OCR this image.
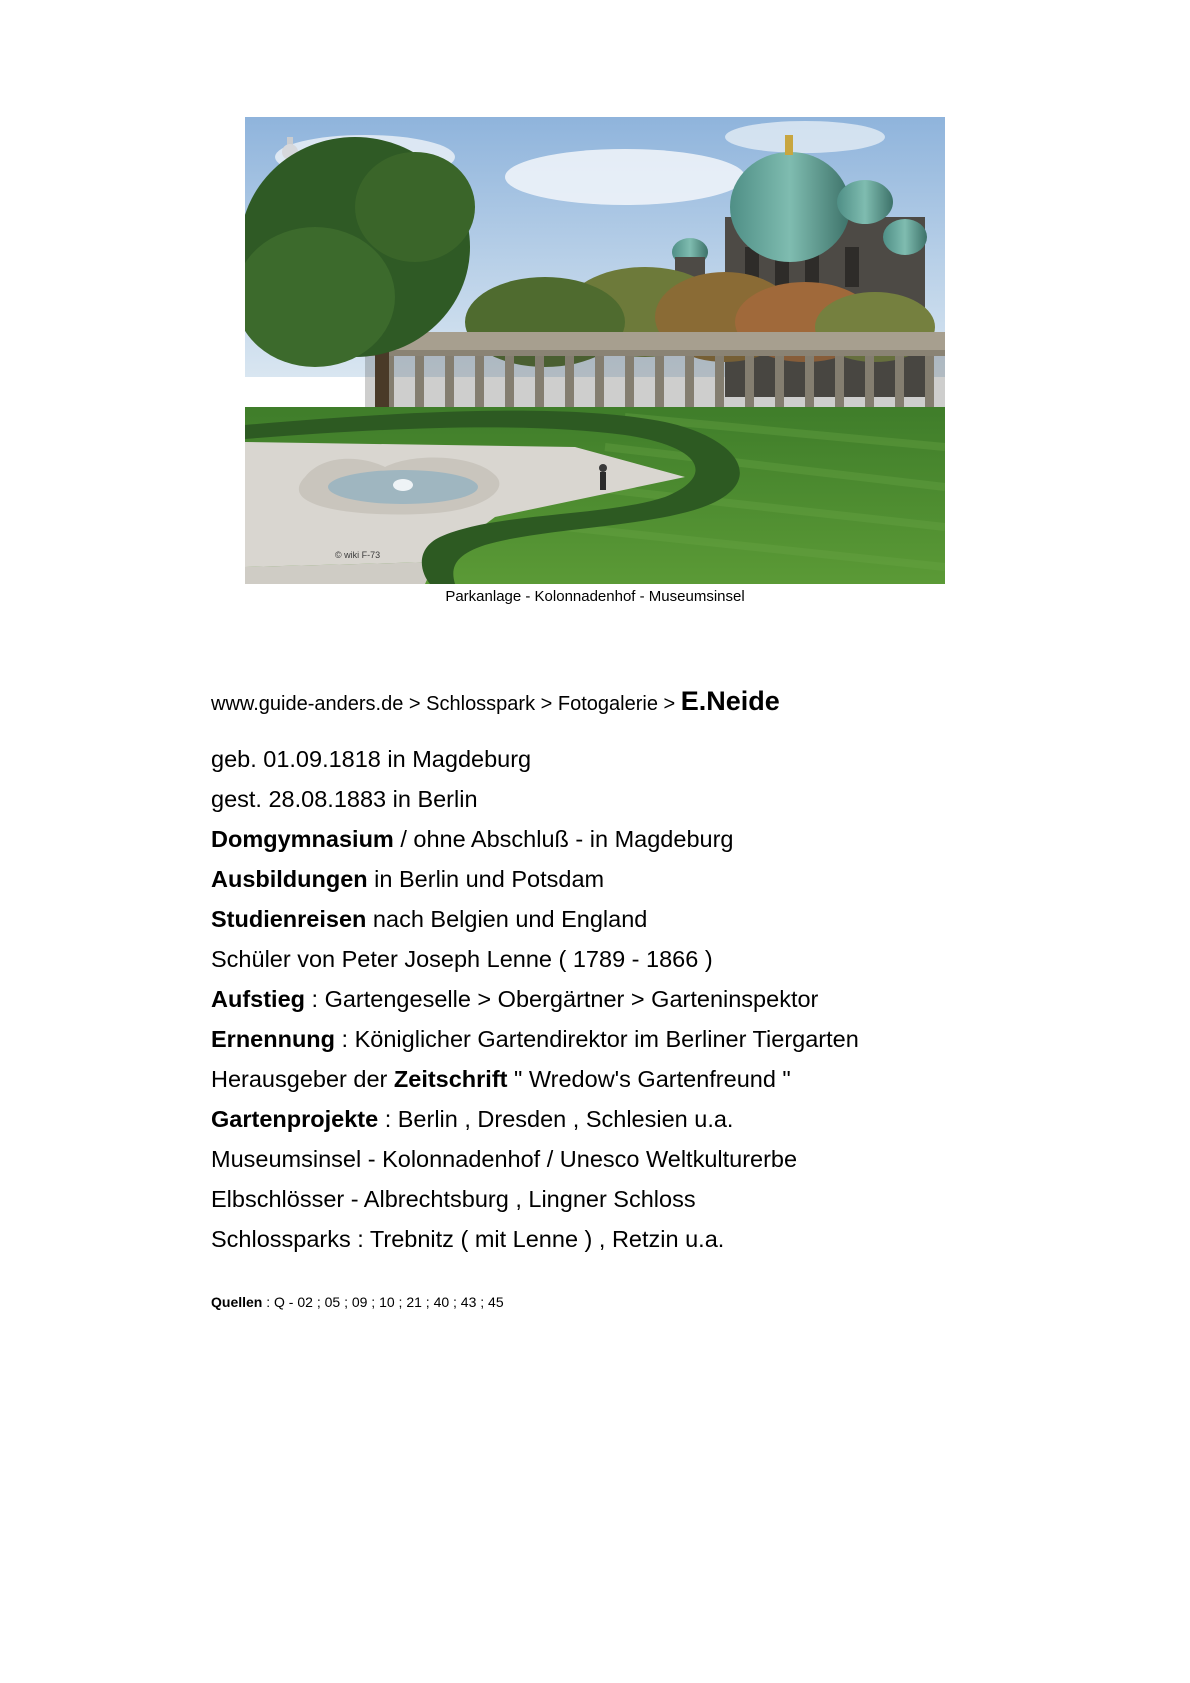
© wiki F-73
Parkanlage - Kolonnadenhof - Museumsinsel
www.guide-anders.de > Schlosspark > Fotogalerie > E.Neide
geb. 01.09.1818 in Magdeburg
gest. 28.08.1883 in Berlin
Domgymnasium / ohne Abschluß - in Magdeburg
Ausbildungen in Berlin und Potsdam
Studienreisen nach Belgien und England
Schüler von Peter Joseph Lenne ( 1789 - 1866 )
Aufstieg : Gartengeselle > Obergärtner > Garteninspektor
Ernennung : Königlicher Gartendirektor im Berliner Tiergarten
Herausgeber der Zeitschrift " Wredow's Gartenfreund "
Gartenprojekte : Berlin , Dresden , Schlesien u.a.
Museumsinsel - Kolonnadenhof / Unesco Weltkulturerbe
Elbschlösser - Albrechtsburg , Lingner Schloss
Schlossparks : Trebnitz ( mit Lenne ) , Retzin u.a.
Quellen : Q - 02 ; 05 ; 09 ; 10 ; 21 ; 40 ; 43 ; 45
